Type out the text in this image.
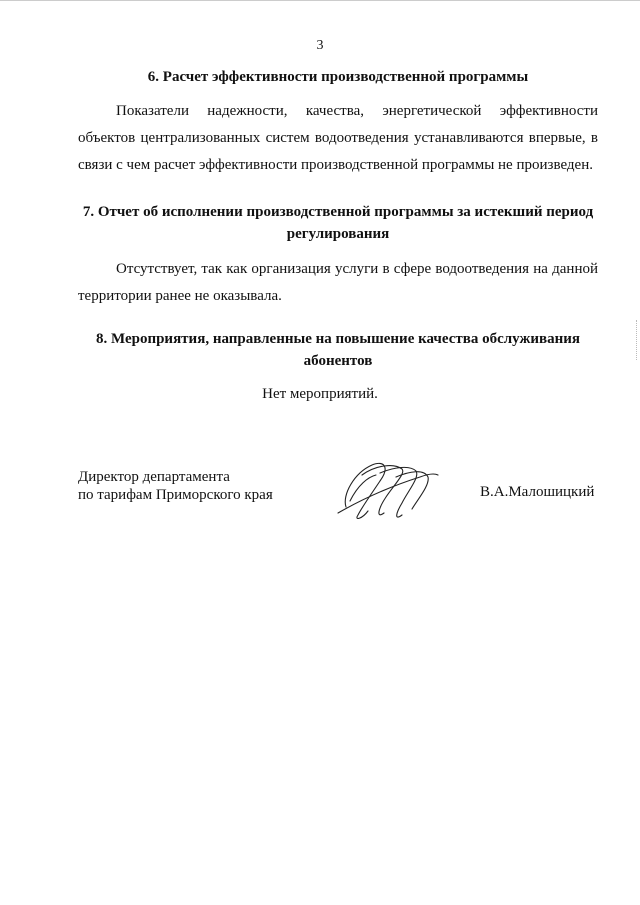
3
6. Расчет эффективности производственной программы
Показатели надежности, качества, энергетической эффективности объектов централизованных систем водоотведения устанавливаются впервые, в связи с чем расчет эффективности производственной программы не произведен.
7. Отчет об исполнении производственной программы за истекший период
регулирования
Отсутствует, так как организация услуги в сфере водоотведения на данной территории ранее не оказывала.
8. Мероприятия, направленные на повышение качества обслуживания
абонентов
Нет мероприятий.
Директор департамента
по тарифам Приморского края	В.А.Малошицкий
